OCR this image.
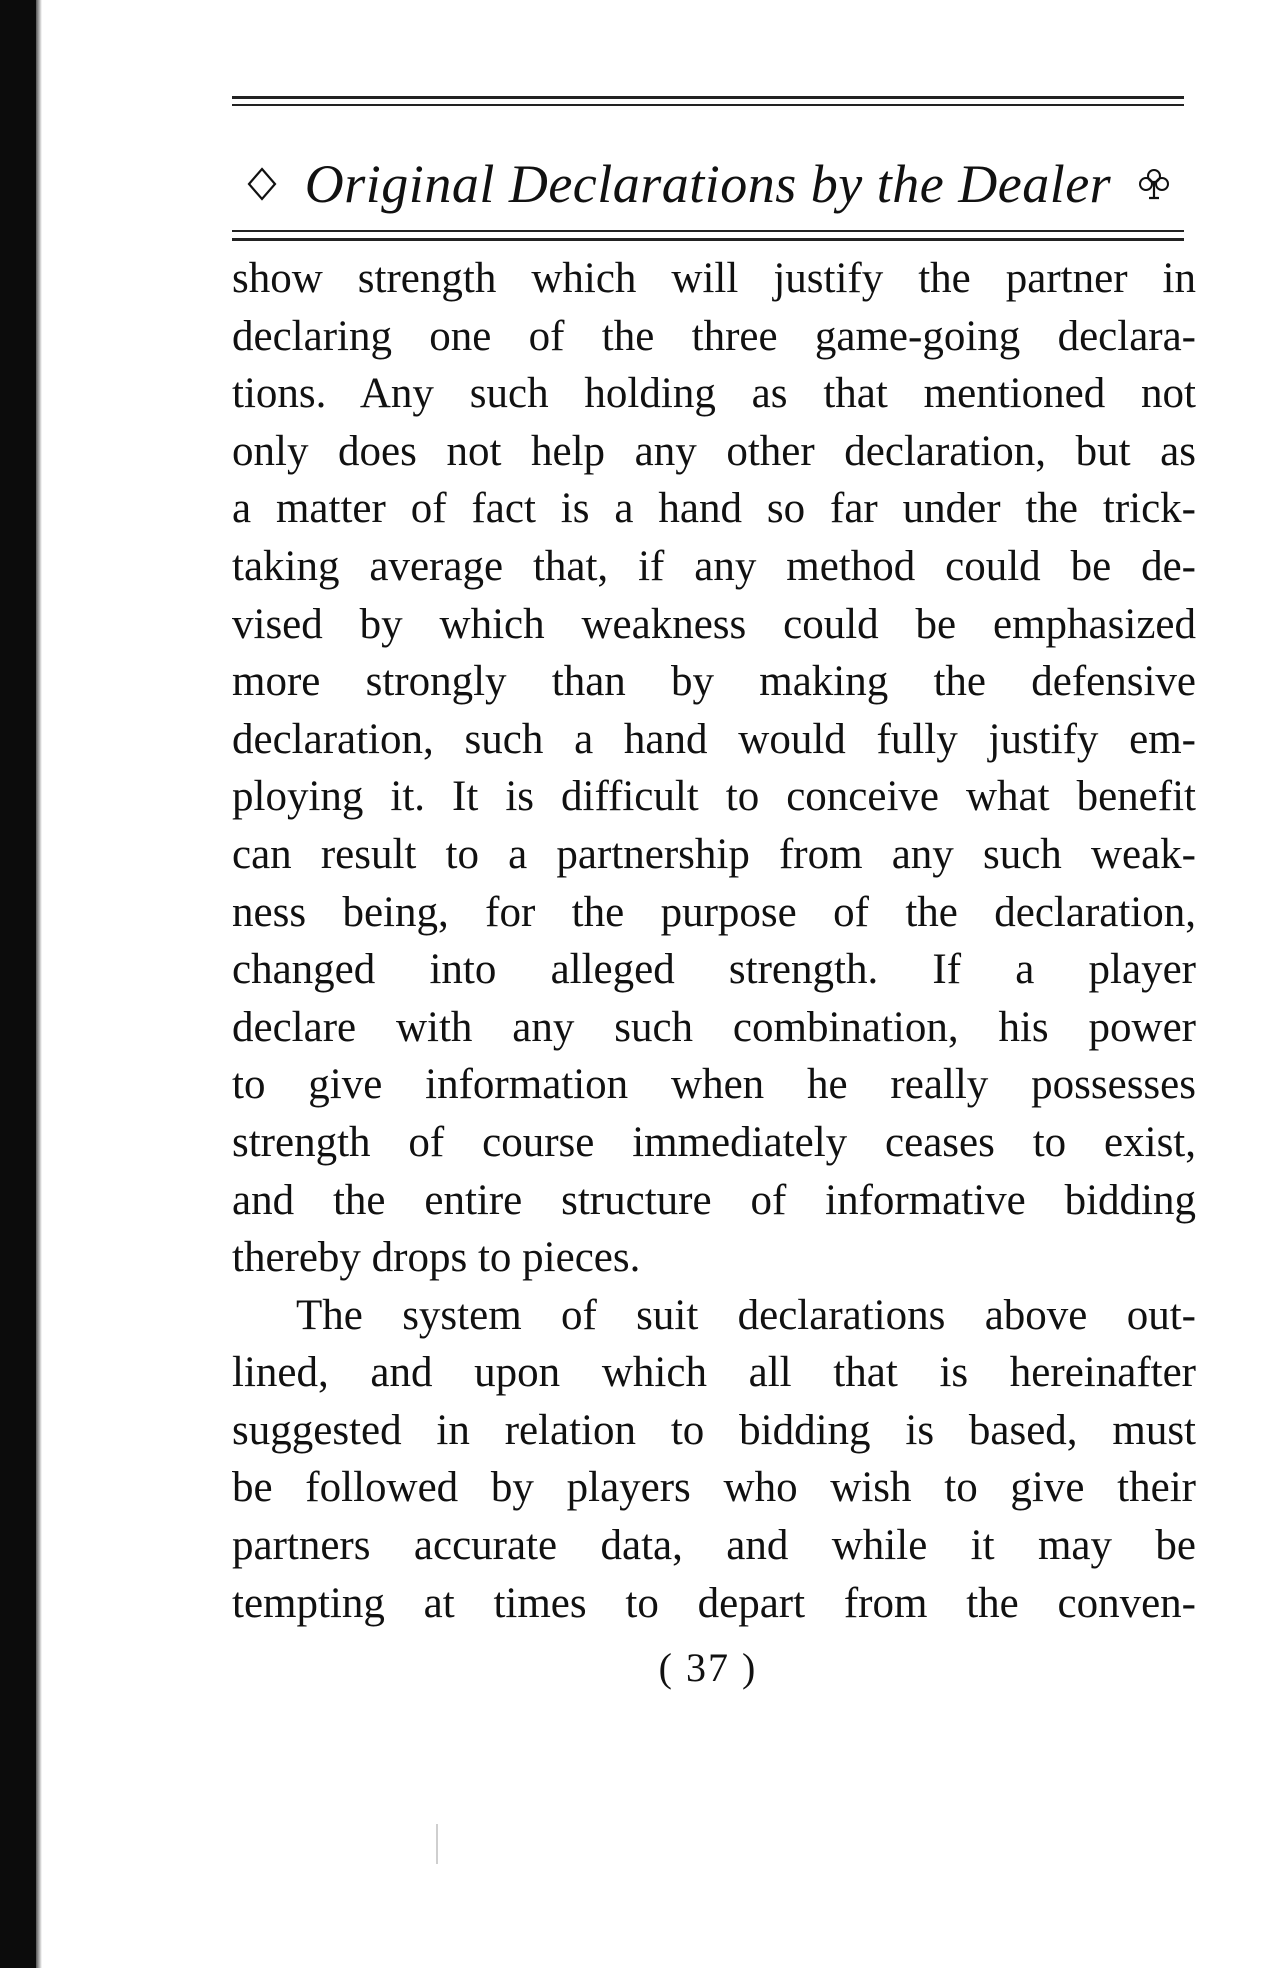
Original Declarations by the Dealer
show strength which will justify the partner in
declaring one of the three game-going declara-
tions. Any such holding as that mentioned not
only does not help any other declaration, but as
a matter of fact is a hand so far under the trick-
taking average that, if any method could be de-
vised by which weakness could be emphasized
more strongly than by making the defensive
declaration, such a hand would fully justify em-
ploying it. It is difficult to conceive what benefit
can result to a partnership from any such weak-
ness being, for the purpose of the declaration,
changed into alleged strength. If a player
declare with any such combination, his power
to give information when he really possesses
strength of course immediately ceases to exist,
and the entire structure of informative bidding
thereby drops to pieces.
The system of suit declarations above out-
lined, and upon which all that is hereinafter
suggested in relation to bidding is based, must
be followed by players who wish to give their
partners accurate data, and while it may be
tempting at times to depart from the conven-
( 37 )
